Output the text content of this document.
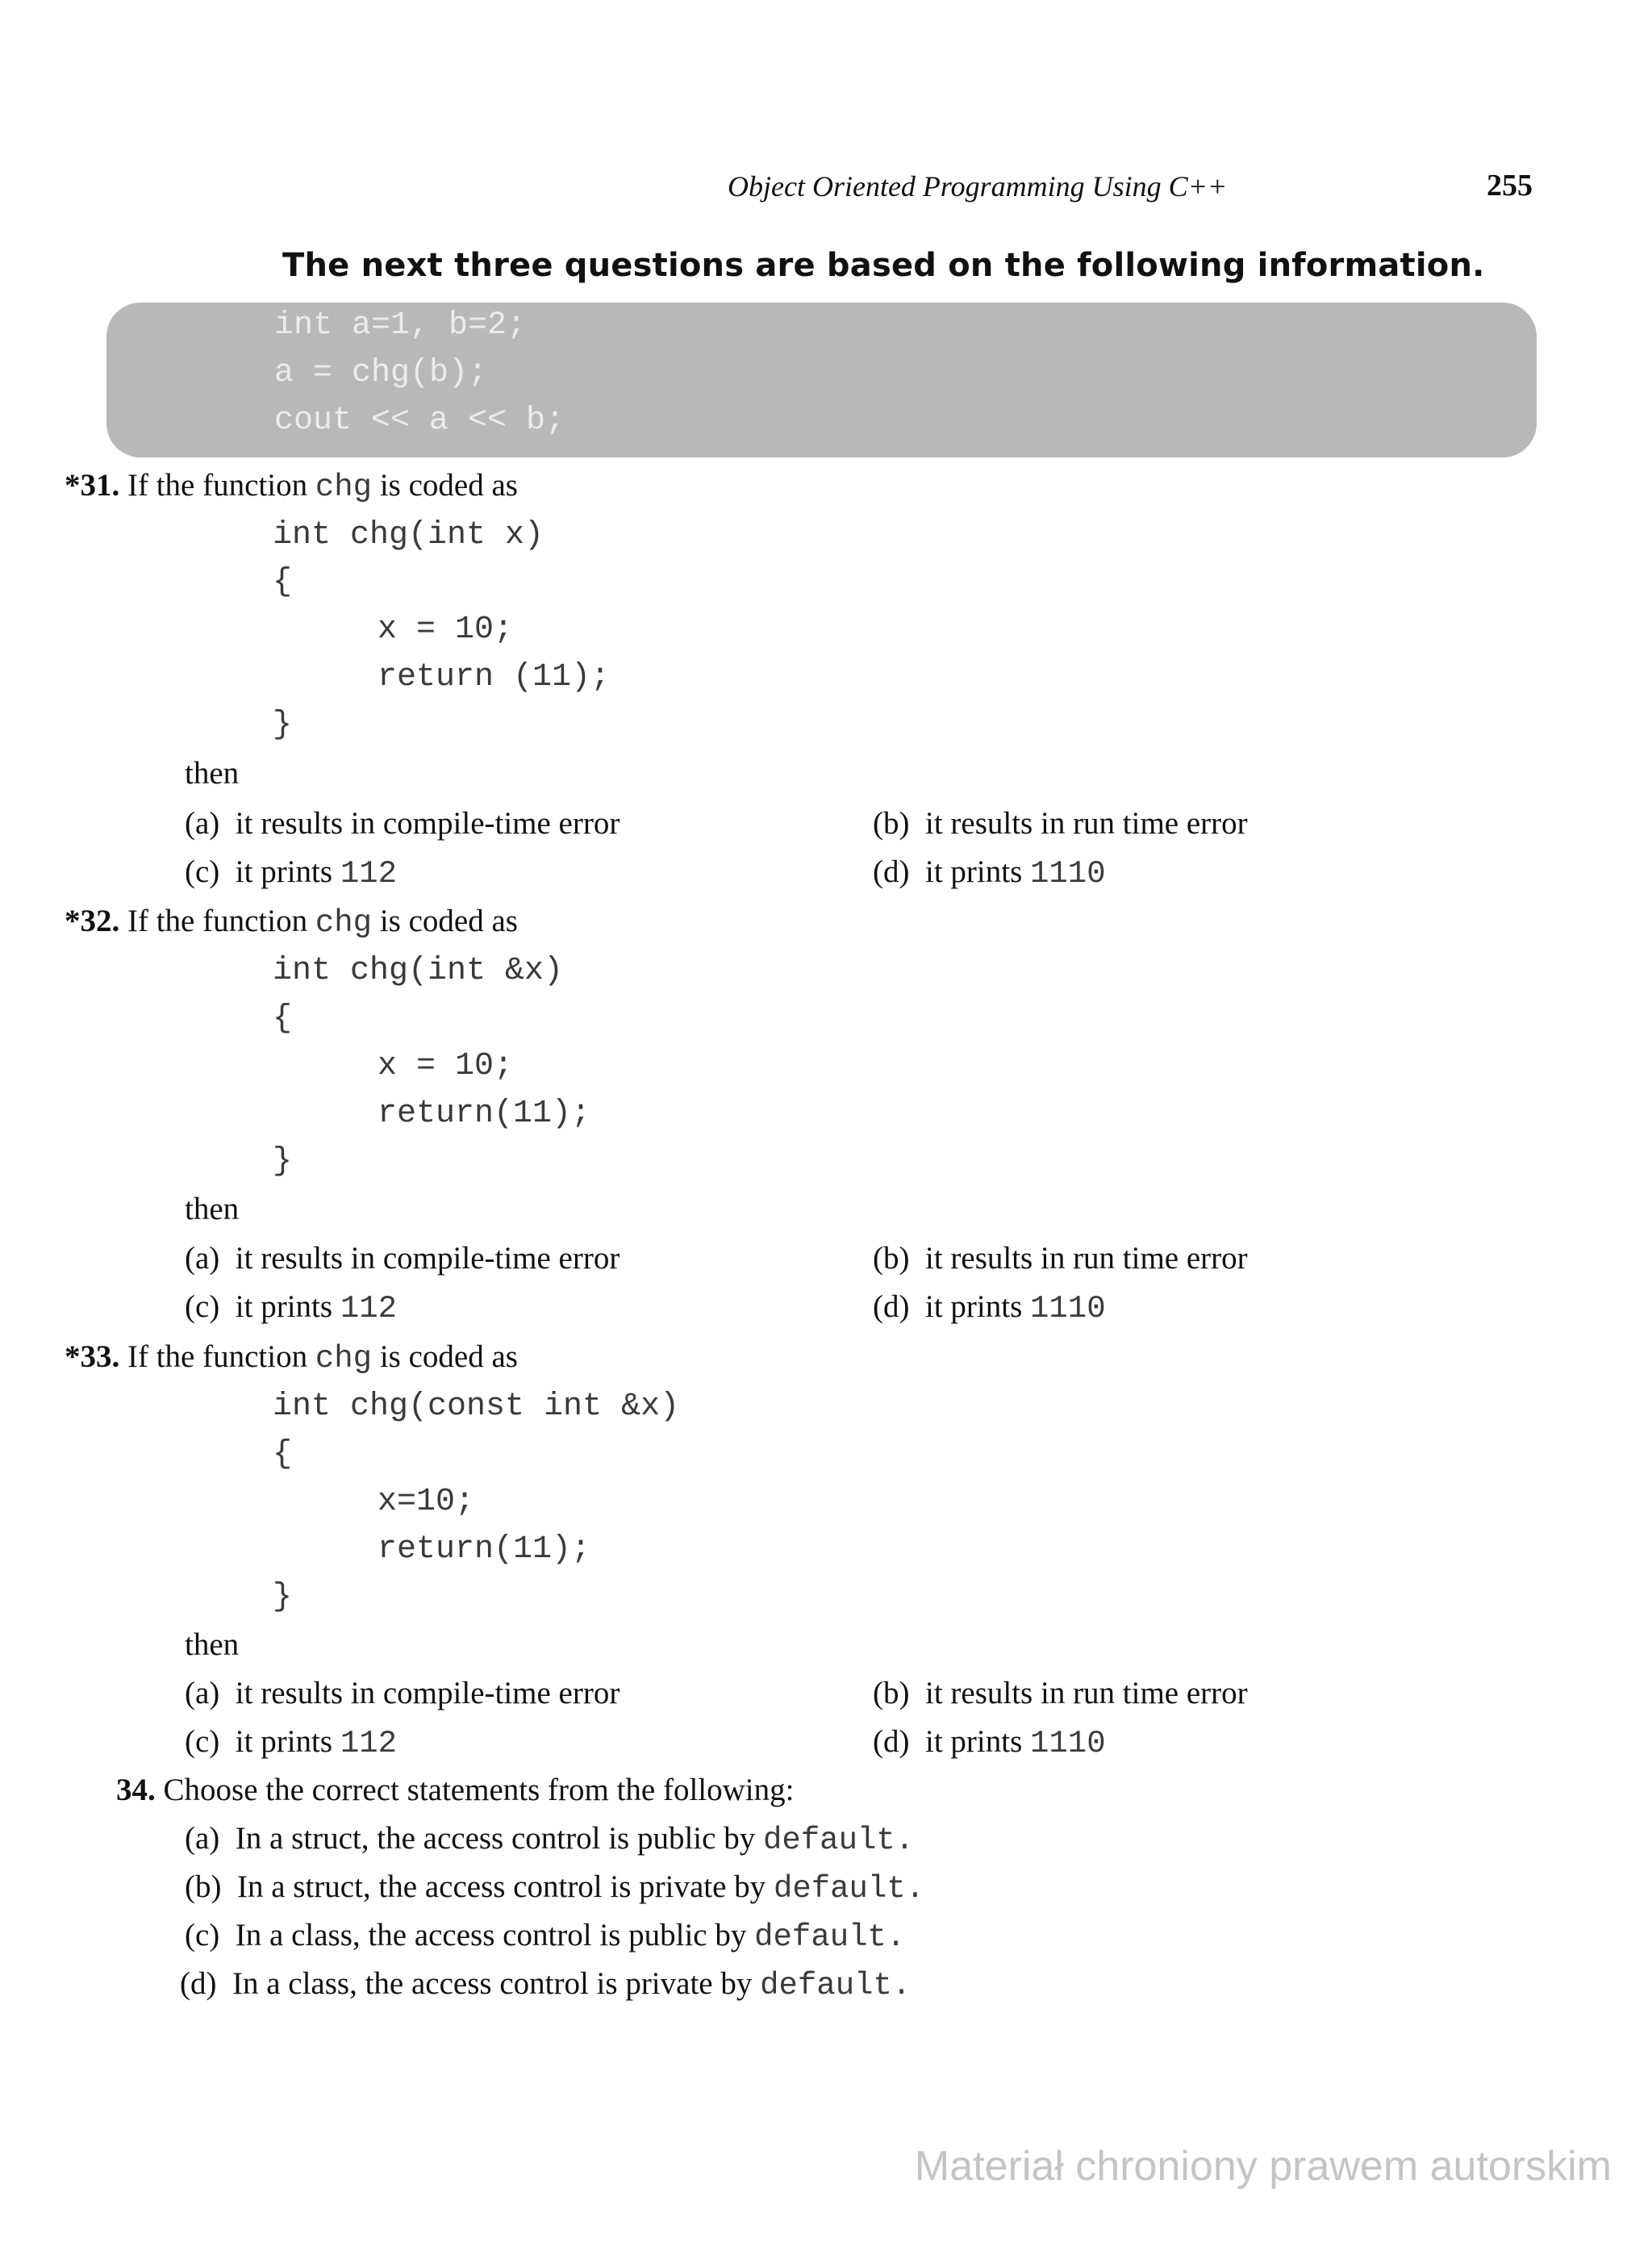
Object Oriented Programming Using C++	255
The next three questions are based on the following information.
int a=1, b=2;
a = chg(b);
cout << a << b;
*31. If the function chg is coded as
int chg(int x)
{
x = 10;
return (11);
}
then
(a) it results in compile-time error	(b) it results in run time error
(c) it prints 112	(d) it prints 1110
*32. If the function chg is coded as
int chg(int &x)
{
x = 10;
return(11);
}
then
(a) it results in compile-time error	(b) it results in run time error
(c) it prints 112	(d) it prints 1110
*33. If the function chg is coded as
int chg(const int &x)
{
x=10;
return(11);
}
then
(a) it results in compile-time error	(b) it results in run time error
(c) it prints 112	(d) it prints 1110
34. Choose the correct statements from the following:
(a) In a struct, the access control is public by default.
(b) In a struct, the access control is private by default.
(c) In a class, the access control is public by default.
(d) In a class, the access control is private by default.
Materiał chroniony prawem autorskim
